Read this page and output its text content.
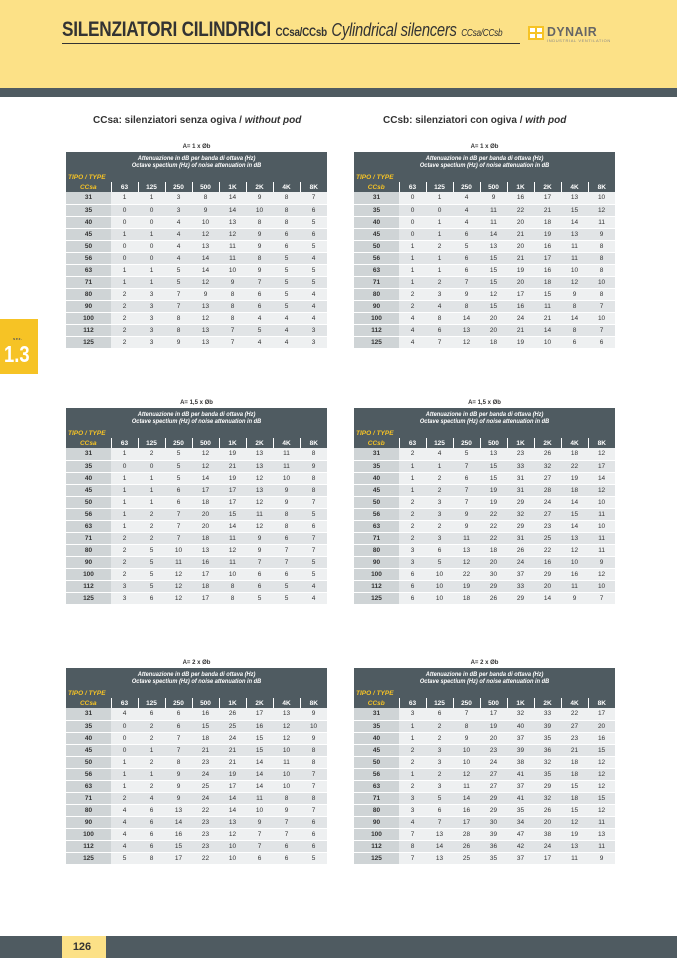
SILENZIATORI CILINDRICI CCsa/CCsb Cylindrical silencers CCsa/CCsb	DYNAIR
INDUSTRIAL VENTILATION
sez.
1.3
CCsa: silenziatori senza ogiva / without pod	CCsb: silenziatori con ogiva / with pod
A= 1 x Øb
Attenuazione in dB per banda di ottava (Hz)
Octave spectium (Hz) of noise attenuation in dB								

TIPO / TYPE								
CCsa	63	125	250	500	1K	2K	4K	8K
31	1	1	3	8	14	9	8	7
35	0	0	3	9	14	10	8	6
40	0	0	4	10	13	8	8	5
45	1	1	4	12	12	9	6	6
50	0	0	4	13	11	9	6	5
56	0	0	4	14	11	8	5	4
63	1	1	5	14	10	9	5	5
71	1	1	5	12	9	7	5	5
80	2	3	7	9	8	6	5	4
90	2	3	7	13	8	6	5	4
100	2	3	8	12	8	4	4	4
112	2	3	8	13	7	5	4	3
125	2	3	9	13	7	4	4	3
A= 1,5 x Øb
Attenuazione in dB per banda di ottava (Hz)
Octave spectium (Hz) of noise attenuation in dB								

TIPO / TYPE								
CCsa	63	125	250	500	1K	2K	4K	8K
31	1	2	5	12	19	13	11	8
35	0	0	5	12	21	13	11	9
40	1	1	5	14	19	12	10	8
45	1	1	6	17	17	13	9	8
50	1	1	6	18	17	12	9	7
56	1	2	7	20	15	11	8	5
63	1	2	7	20	14	12	8	6
71	2	2	7	18	11	9	6	7
80	2	5	10	13	12	9	7	7
90	2	5	11	16	11	7	7	5
100	2	5	12	17	10	6	6	5
112	3	5	12	18	8	6	5	4
125	3	6	12	17	8	5	5	4
A= 2 x Øb
Attenuazione in dB per banda di ottava (Hz)
Octave spectium (Hz) of noise attenuation in dB								

TIPO / TYPE								
CCsa	63	125	250	500	1K	2K	4K	8K
31	4	6	6	16	26	17	13	9
35	0	2	6	15	25	16	12	10
40	0	2	7	18	24	15	12	9
45	0	1	7	21	21	15	10	8
50	1	2	8	23	21	14	11	8
56	1	1	9	24	19	14	10	7
63	1	2	9	25	17	14	10	7
71	2	4	9	24	14	11	8	8
80	4	6	13	22	14	10	9	7
90	4	6	14	23	13	9	7	6
100	4	6	16	23	12	7	7	6
112	4	6	15	23	10	7	6	6
125	5	8	17	22	10	6	6	5
A= 1 x Øb
Attenuazione in dB per banda di ottava (Hz)
Octave spectium (Hz) of noise attenuation in dB								

TIPO / TYPE								
CCsb	63	125	250	500	1K	2K	4K	8K
31	0	1	4	9	16	17	13	10
35	0	0	4	11	22	21	15	12
40	0	1	4	11	20	18	14	11
45	0	1	6	14	21	19	13	9
50	1	2	5	13	20	16	11	8
56	1	1	6	15	21	17	11	8
63	1	1	6	15	19	16	10	8
71	1	2	7	15	20	18	12	10
80	2	3	9	12	17	15	9	8
90	2	4	8	15	16	11	8	7
100	4	8	14	20	24	21	14	10
112	4	6	13	20	21	14	8	7
125	4	7	12	18	19	10	6	6
A= 1,5 x Øb
Attenuazione in dB per banda di ottava (Hz)
Octave spectium (Hz) of noise attenuation in dB								

TIPO / TYPE								
CCsb	63	125	250	500	1K	2K	4K	8K
31	2	4	5	13	23	26	18	12
35	1	1	7	15	33	32	22	17
40	1	2	6	15	31	27	19	14
45	1	2	7	19	31	28	18	12
50	2	3	7	19	29	24	14	10
56	2	3	9	22	32	27	15	11
63	2	2	9	22	29	23	14	10
71	2	3	11	22	31	25	13	11
80	3	6	13	18	26	22	12	11
90	3	5	12	20	24	16	10	9
100	6	10	22	30	37	29	16	12
112	6	10	19	29	33	20	11	10
125	6	10	18	26	29	14	9	7
A= 2 x Øb
Attenuazione in dB per banda di ottava (Hz)
Octave spectium (Hz) of noise attenuation in dB								

TIPO / TYPE								
CCsb	63	125	250	500	1K	2K	4K	8K
31	3	6	7	17	32	33	22	17
35	1	2	8	19	40	39	27	20
40	1	2	9	20	37	35	23	16
45	2	3	10	23	39	36	21	15
50	2	3	10	24	38	32	18	12
56	1	2	12	27	41	35	18	12
63	2	3	11	27	37	29	15	12
71	3	5	14	29	41	32	18	15
80	3	6	16	29	35	26	15	12
90	4	7	17	30	34	20	12	11
100	7	13	28	39	47	38	19	13
112	8	14	26	36	42	24	13	11
125	7	13	25	35	37	17	11	9
126
